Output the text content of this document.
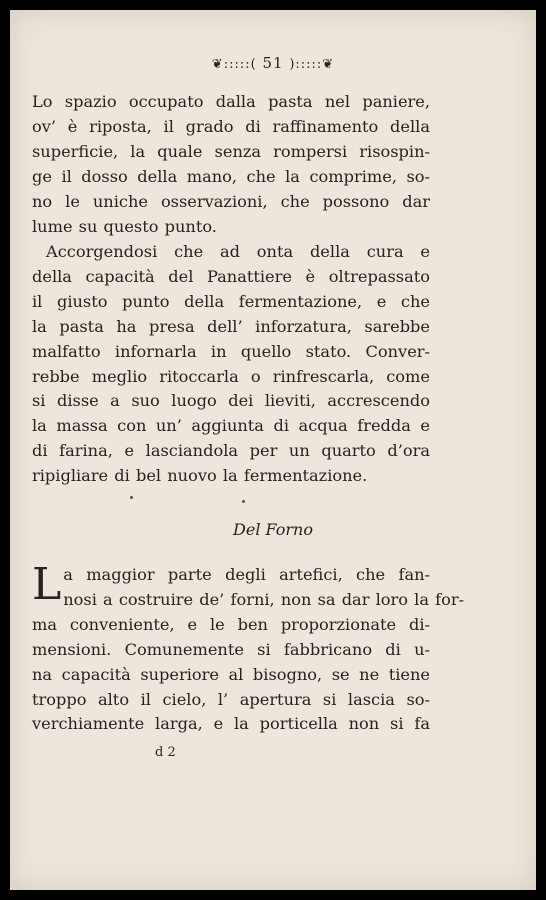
❦:::::( 51 ):::::❦
Lo spazio occupato dalla pasta nel paniere,
ov’ è riposta, il grado di raffinamento della
superficie, la quale senza rompersi risospin-
ge il dosso della mano, che la comprime, so-
no le uniche osservazioni, che possono dar
lume su questo punto.
Accorgendosi che ad onta della cura e
della capacità del Panattiere è oltrepassato
il giusto punto della fermentazione, e che
la pasta ha presa dell’ inforzatura, sarebbe
malfatto infornarla in quello stato. Conver-
rebbe meglio ritoccarla o rinfrescarla, come
si disse a suo luogo dei lieviti, accrescendo
la massa con un’ aggiunta di acqua fredda e
di farina, e lasciandola per un quarto d’ora
ripigliare di bel nuovo la fermentazione.
Del Forno
L a maggior parte degli artefici, che fan-
nosi a costruire de’ forni, non sa dar loro la for-
ma conveniente, e le ben proporzionate di-
mensioni. Comunemente si fabbricano di u-
na capacità superiore al bisogno, se ne tiene
troppo alto il cielo, l’ apertura si lascia so-
verchiamente larga, e la porticella non si fa
d 2
